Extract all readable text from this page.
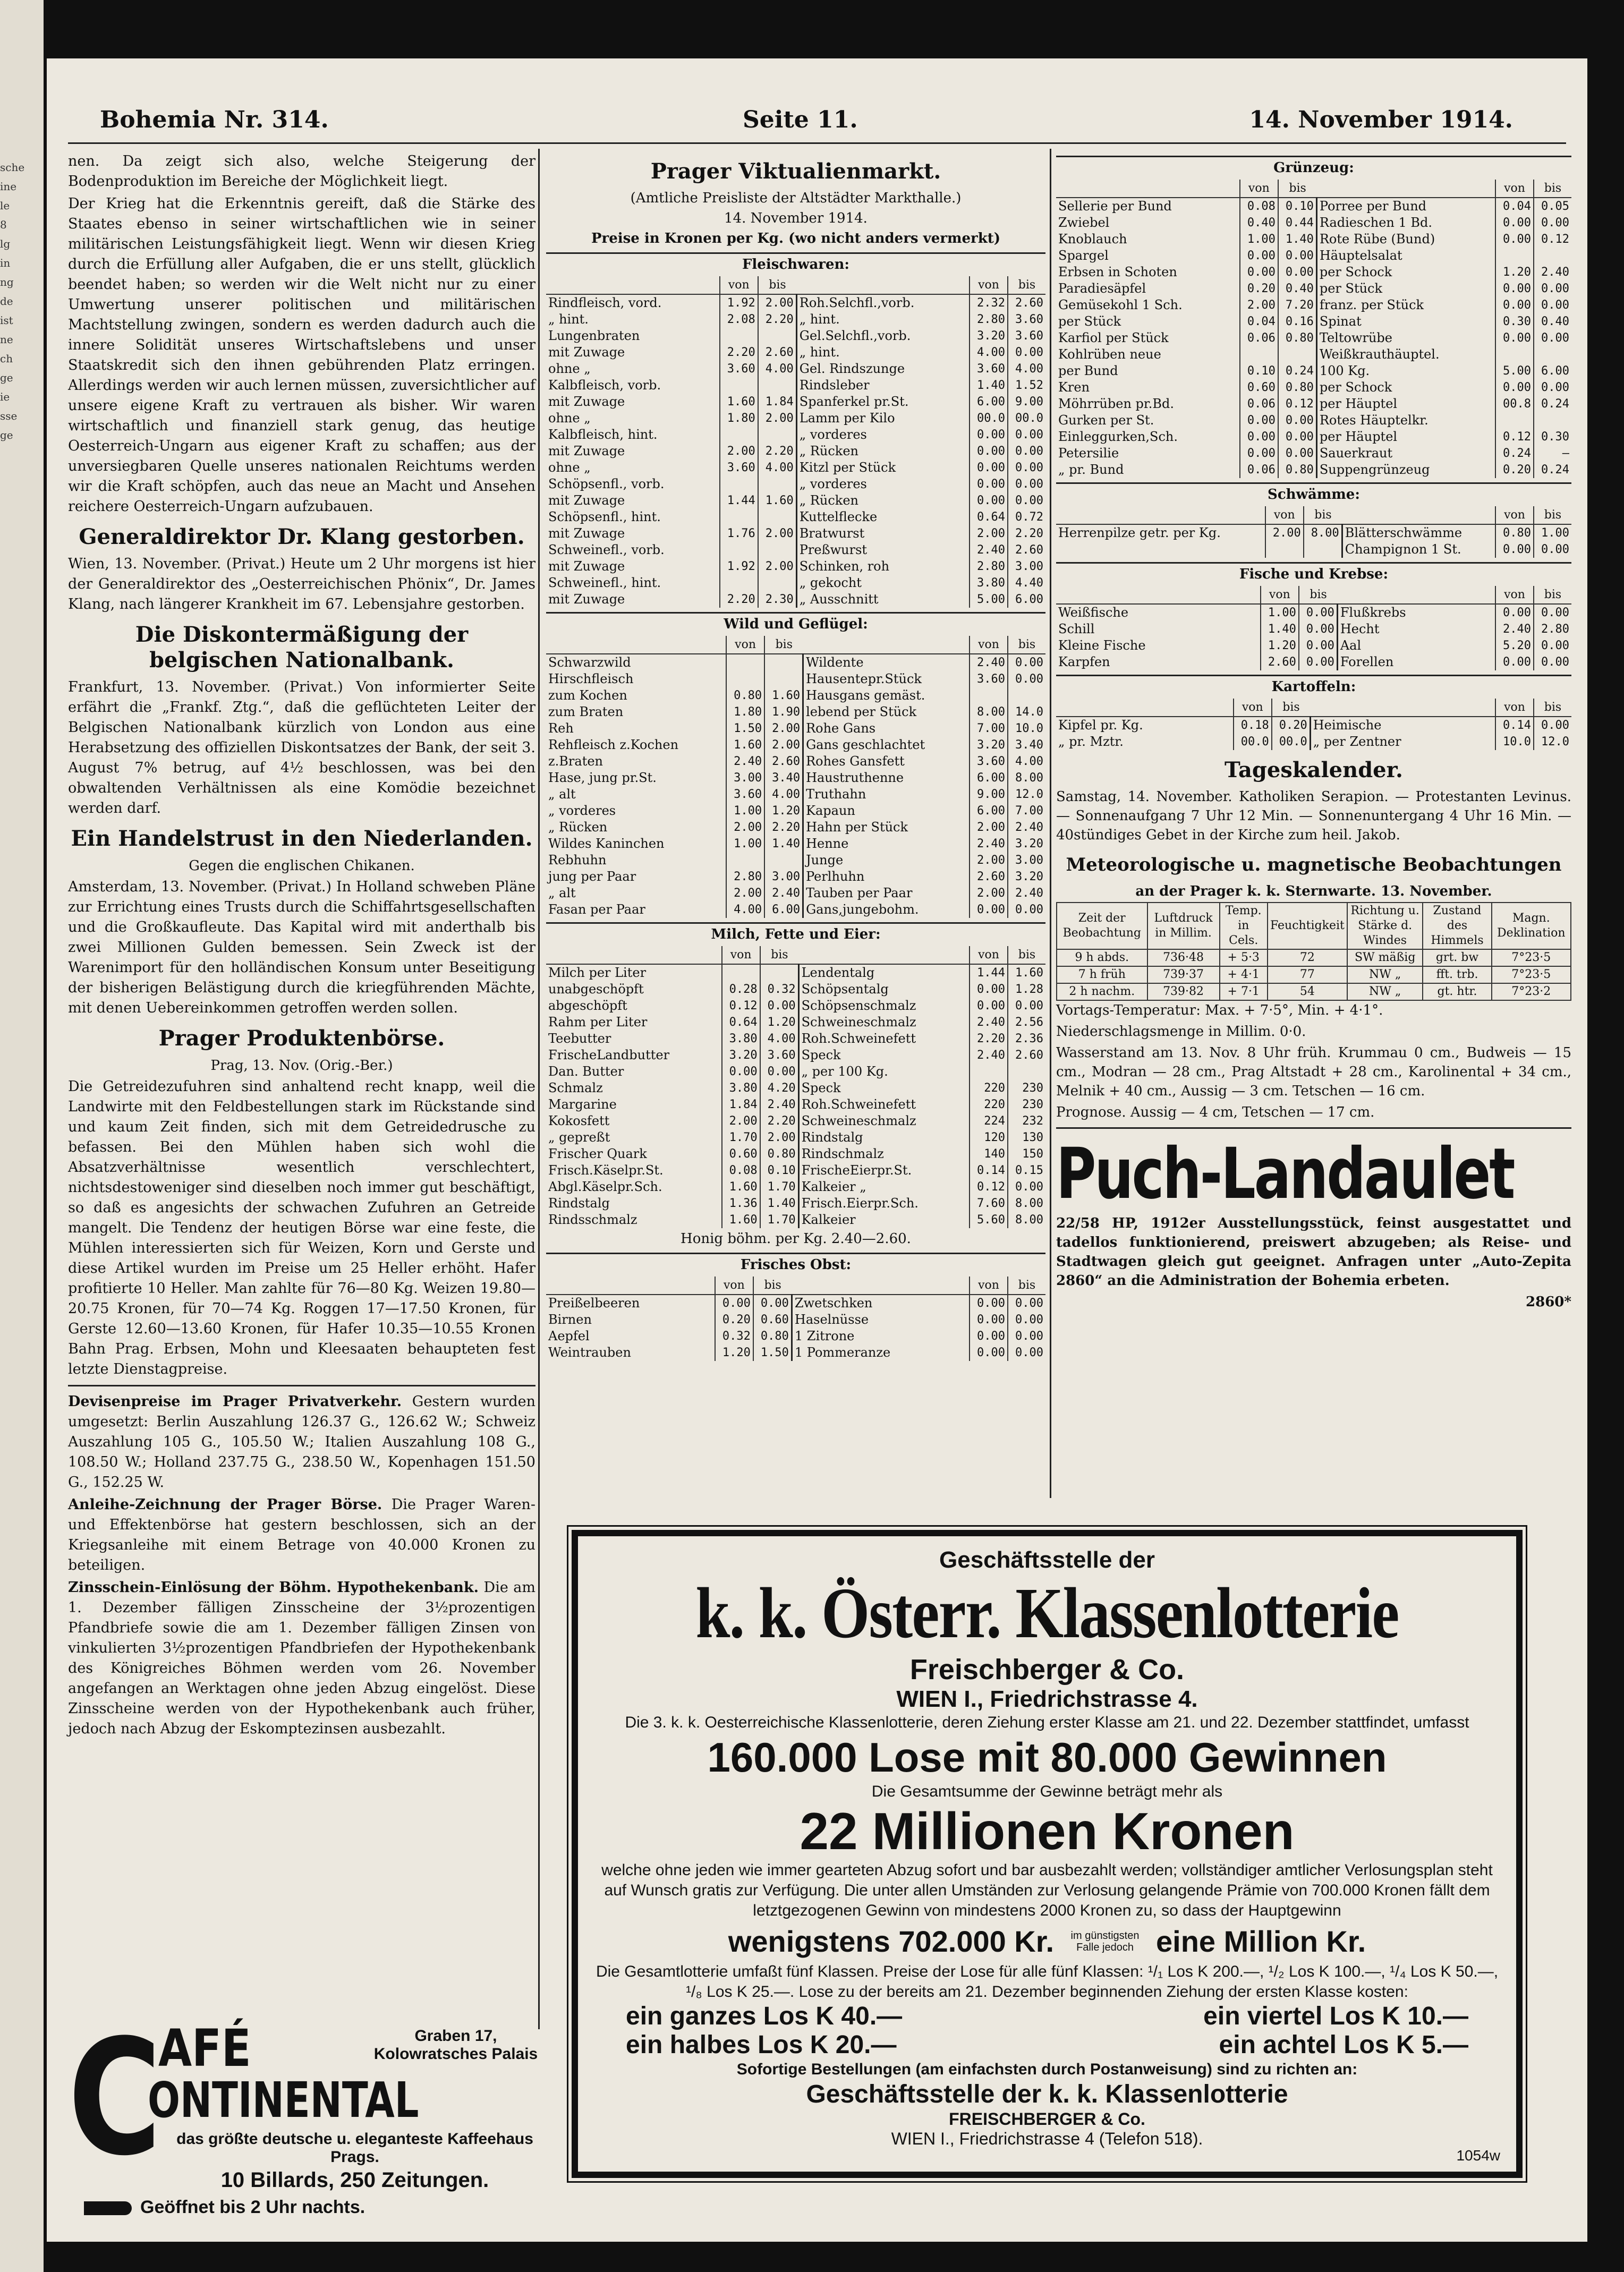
sche
ine
le
8
lg
in
ng
de
ist
ne
ch
ge
ie
sse
ge
Bohemia Nr. 314.	Seite 11.	14. November 1914.

nen. Da zeigt sich also, welche Steigerung der Bodenproduktion im Bereiche der Möglichkeit liegt.

Der Krieg hat die Erkenntnis gereift, daß die Stärke des Staates ebenso in seiner wirtschaftlichen wie in seiner militärischen Leistungsfähigkeit liegt. Wenn wir diesen Krieg durch die Erfüllung aller Aufgaben, die er uns stellt, glücklich beendet haben; so werden wir die Welt nicht nur zu einer Umwertung unserer politischen und militärischen Machtstellung zwingen, sondern es werden dadurch auch die innere Solidität unseres Wirtschaftslebens und unser Staatskredit sich den ihnen gebührenden Platz erringen. Allerdings werden wir auch lernen müssen, zuversichtlicher auf unsere eigene Kraft zu vertrauen als bisher. Wir waren wirtschaftlich und finanziell stark genug, das heutige Oesterreich-Ungarn aus eigener Kraft zu schaffen; aus der unversiegbaren Quelle unseres nationalen Reichtums werden wir die Kraft schöpfen, auch das neue an Macht und Ansehen reichere Oesterreich-Ungarn aufzubauen.

Generaldirektor Dr. Klang gestorben.

Wien, 13. November. (Privat.) Heute um 2 Uhr morgens ist hier der Generaldirektor des „Oesterreichischen Phönix“, Dr. James Klang, nach längerer Krankheit im 67. Lebensjahre gestorben.

Die Diskontermäßigung der belgischen Nationalbank.

Frankfurt, 13. November. (Privat.) Von informierter Seite erfährt die „Frankf. Ztg.“, daß die geflüchteten Leiter der Belgischen Nationalbank kürzlich von London aus eine Herabsetzung des offiziellen Diskontsatzes der Bank, der seit 3. August 7% betrug, auf 4½ beschlossen, was bei den obwaltenden Verhältnissen als eine Komödie bezeichnet werden darf.

Ein Handelstrust in den Niederlanden.
Gegen die englischen Chikanen.

Amsterdam, 13. November. (Privat.) In Holland schweben Pläne zur Errichtung eines Trusts durch die Schiffahrtsgesellschaften und die Großkaufleute. Das Kapital wird mit anderthalb bis zwei Millionen Gulden bemessen. Sein Zweck ist der Warenimport für den holländischen Konsum unter Beseitigung der bisherigen Belästigung durch die kriegführenden Mächte, mit denen Uebereinkommen getroffen werden sollen.

Prager Produktenbörse.
Prag, 13. Nov. (Orig.-Ber.)

Die Getreidezufuhren sind anhaltend recht knapp, weil die Landwirte mit den Feldbestellungen stark im Rückstande sind und kaum Zeit finden, sich mit dem Getreidedrusche zu befassen. Bei den Mühlen haben sich wohl die Absatzverhältnisse wesentlich verschlechtert, nichtsdestoweniger sind dieselben noch immer gut beschäftigt, so daß es angesichts der schwachen Zufuhren an Getreide mangelt. Die Tendenz der heutigen Börse war eine feste, die Mühlen interessierten sich für Weizen, Korn und Gerste und diese Artikel wurden im Preise um 25 Heller erhöht. Hafer profitierte 10 Heller. Man zahlte für 76—80 Kg. Weizen 19.80—20.75 Kronen, für 70—74 Kg. Roggen 17—17.50 Kronen, für Gerste 12.60—13.60 Kronen, für Hafer 10.35—10.55 Kronen Bahn Prag. Erbsen, Mohn und Kleesaaten behaupteten fest letzte Dienstagpreise.

Devisenpreise im Prager Privatverkehr. Gestern wurden umgesetzt: Berlin Auszahlung 126.37 G., 126.62 W.; Schweiz Auszahlung 105 G., 105.50 W.; Italien Auszahlung 108 G., 108.50 W.; Holland 237.75 G., 238.50 W., Kopenhagen 151.50 G., 152.25 W.

Anleihe-Zeichnung der Prager Börse. Die Prager Waren- und Effektenbörse hat gestern beschlossen, sich an der Kriegsanleihe mit einem Betrage von 40.000 Kronen zu beteiligen.

Zinsschein-Einlösung der Böhm. Hypothekenbank. Die am 1. Dezember fälligen Zinsscheine der 3½prozentigen Pfandbriefe sowie die am 1. Dezember fälligen Zinsen von vinkulierten 3½prozentigen Pfandbriefen der Hypothekenbank des Königreiches Böhmen werden vom 26. November angefangen an Werktagen ohne jeden Abzug eingelöst. Diese Zinsscheine werden von der Hypothekenbank auch früher, jedoch nach Abzug der Eskomptezinsen ausbezahlt.

Prager Viktualienmarkt.
(Amtliche Preisliste der Altstädter Markthalle.)
14. November 1914.
Preise in Kronen per Kg. (wo nicht anders vermerkt)
Fleischwaren:
	von	bis		von	bis
Rindfleisch, vord.	1.92	2.00	Roh.Selchfl.,vorb.	2.32	2.60
„ hint.	2.08	2.20	„ hint.	2.80	3.60
Lungenbraten			Gel.Selchfl.,vorb.	3.20	3.60
mit Zuwage	2.20	2.60	„ hint.	4.00	0.00
ohne „	3.60	4.00	Gel. Rindszunge	3.60	4.00
Kalbfleisch, vorb.			Rindsleber	1.40	1.52
mit Zuwage	1.60	1.84	Spanferkel pr.St.	6.00	9.00
ohne „	1.80	2.00	Lamm per Kilo	00.0	00.0
Kalbfleisch, hint.			„ vorderes	0.00	0.00
mit Zuwage	2.00	2.20	„ Rücken	0.00	0.00
ohne „	3.60	4.00	Kitzl per Stück	0.00	0.00
Schöpsenfl., vorb.			„ vorderes	0.00	0.00
mit Zuwage	1.44	1.60	„ Rücken	0.00	0.00
Schöpsenfl., hint.			Kuttelflecke	0.64	0.72
mit Zuwage	1.76	2.00	Bratwurst	2.00	2.20
Schweinefl., vorb.			Preßwurst	2.40	2.60
mit Zuwage	1.92	2.00	Schinken, roh	2.80	3.00
Schweinefl., hint.			„ gekocht	3.80	4.40
mit Zuwage	2.20	2.30	„ Ausschnitt	5.00	6.00
Wild und Geflügel:
	von	bis		von	bis
Schwarzwild			Wildente	2.40	0.00
Hirschfleisch			Hausentepr.Stück	3.60	0.00
zum Kochen	0.80	1.60	Hausgans gemäst.		
zum Braten	1.80	1.90	lebend per Stück	8.00	14.0
Reh	1.50	2.00	Rohe Gans	7.00	10.0
Rehfleisch z.Kochen	1.60	2.00	Gans geschlachtet	3.20	3.40
z.Braten	2.40	2.60	Rohes Gansfett	3.60	4.00
Hase, jung pr.St.	3.00	3.40	Haustruthenne	6.00	8.00
„ alt	3.60	4.00	Truthahn	9.00	12.0
„ vorderes	1.00	1.20	Kapaun	6.00	7.00
„ Rücken	2.00	2.20	Hahn per Stück	2.00	2.40
Wildes Kaninchen	1.00	1.40	Henne	2.40	3.20
Rebhuhn			Junge	2.00	3.00
jung per Paar	2.80	3.00	Perlhuhn	2.60	3.20
„ alt	2.00	2.40	Tauben per Paar	2.00	2.40
Fasan per Paar	4.00	6.00	Gans,jungebohm.	0.00	0.00
Milch, Fette und Eier:
	von	bis		von	bis
Milch per Liter			Lendentalg	1.44	1.60
unabgeschöpft	0.28	0.32	Schöpsentalg	0.00	1.28
abgeschöpft	0.12	0.00	Schöpsenschmalz	0.00	0.00
Rahm per Liter	0.64	1.20	Schweineschmalz	2.40	2.56
Teebutter	3.80	4.00	Roh.Schweinefett	2.20	2.36
FrischeLandbutter	3.20	3.60	Speck	2.40	2.60
Dan. Butter	0.00	0.00	„ per 100 Kg.		
Schmalz	3.80	4.20	Speck	220	230
Margarine	1.84	2.40	Roh.Schweinefett	220	230
Kokosfett	2.00	2.20	Schweineschmalz	224	232
„ gepreßt	1.70	2.00	Rindstalg	120	130
Frischer Quark	0.60	0.80	Rindschmalz	140	150
Frisch.Käselpr.St.	0.08	0.10	FrischeEierpr.St.	0.14	0.15
Abgl.Käselpr.Sch.	1.60	1.70	Kalkeier „	0.12	0.00
Rindstalg	1.36	1.40	Frisch.Eierpr.Sch.	7.60	8.00
Rindsschmalz	1.60	1.70	Kalkeier	5.60	8.00
Honig böhm. per Kg. 2.40—2.60.
Frisches Obst:
	von	bis		von	bis
Preißelbeeren	0.00	0.00	Zwetschken	0.00	0.00
Birnen	0.20	0.60	Haselnüsse	0.00	0.00
Aepfel	0.32	0.80	1 Zitrone	0.00	0.00
Weintrauben	1.20	1.50	1 Pommeranze	0.00	0.00
Grünzeug:
	von	bis		von	bis
Sellerie per Bund	0.08	0.10	Porree per Bund	0.04	0.05
Zwiebel	0.40	0.44	Radieschen 1 Bd.	0.00	0.00
Knoblauch	1.00	1.40	Rote Rübe (Bund)	0.00	0.12
Spargel	0.00	0.00	Häuptelsalat		
Erbsen in Schoten	0.00	0.00	per Schock	1.20	2.40
Paradiesäpfel	0.20	0.40	per Stück	0.00	0.00
Gemüsekohl 1 Sch.	2.00	7.20	franz. per Stück	0.00	0.00
per Stück	0.04	0.16	Spinat	0.30	0.40
Karfiol per Stück	0.06	0.80	Teltowrübe	0.00	0.00
Kohlrüben neue			Weißkrauthäuptel.		
per Bund	0.10	0.24	100 Kg.	5.00	6.00
Kren	0.60	0.80	per Schock	0.00	0.00
Möhrrüben pr.Bd.	0.06	0.12	per Häuptel	00.8	0.24
Gurken per St.	0.00	0.00	Rotes Häuptelkr.		
Einleggurken,Sch.	0.00	0.00	per Häuptel	0.12	0.30
Petersilie	0.00	0.00	Sauerkraut	0.24	—
„ pr. Bund	0.06	0.80	Suppengrünzeug	0.20	0.24
Schwämme:
	von	bis		von	bis
Herrenpilze getr. per Kg.	2.00	8.00	Blätterschwämme	0.80	1.00
			Champignon 1 St.	0.00	0.00
Fische und Krebse:
	von	bis		von	bis
Weißfische	1.00	0.00	Flußkrebs	0.00	0.00
Schill	1.40	0.00	Hecht	2.40	2.80
Kleine Fische	1.20	0.00	Aal	5.20	0.00
Karpfen	2.60	0.00	Forellen	0.00	0.00
Kartoffeln:
	von	bis		von	bis
Kipfel pr. Kg.	0.18	0.20	Heimische	0.14	0.00
„ pr. Mztr.	00.0	00.0	„ per Zentner	10.0	12.0
Tageskalender.

Samstag, 14. November. Katholiken Serapion. — Protestanten Levinus. — Sonnenaufgang 7 Uhr 12 Min. — Sonnenuntergang 4 Uhr 16 Min. — 40stündiges Gebet in der Kirche zum heil. Jakob.

Meteorologische u. magnetische Beobachtungen
an der Prager k. k. Sternwarte. 13. November.
Zeit der Beobachtung	Luftdruck in Millim.	Temp. in Cels.	Feuchtigkeit	Richtung u. Stärke d. Windes	Zustand des Himmels	Magn. Deklination
9 h abds.	736·48	+ 5·3	72	SW mäßig	grt. bw	7°23·5
7 h früh	739·37	+ 4·1	77	NW „	fft. trb.	7°23·5
2 h nachm.	739·82	+ 7·1	54	NW „	gt. htr.	7°23·2

Vortags-Temperatur: Max. + 7·5°, Min. + 4·1°.

Niederschlagsmenge in Millim. 0·0.

Wasserstand am 13. Nov. 8 Uhr früh. Krummau 0 cm., Budweis — 15 cm., Modran — 28 cm., Prag Altstadt + 28 cm., Karolinental + 34 cm., Melnik + 40 cm., Aussig — 3 cm. Tetschen — 16 cm.

Prognose. Aussig — 4 cm, Tetschen — 17 cm.

Puch-Landaulet

22/58 HP, 1912er Ausstellungsstück, feinst ausgestattet und tadellos funktionierend, preiswert abzugeben; als Reise- und Stadtwagen gleich gut geeignet. Anfragen unter „Auto-Zepita 2860“ an die Administration der Bohemia erbeten.

2860*
Geschäftsstelle der
k. k. Österr. Klassenlotterie
Freischberger & Co.
WIEN I., Friedrichstrasse 4.
Die 3. k. k. Oesterreichische Klassenlotterie, deren Ziehung erster Klasse am 21. und 22. Dezember stattfindet, umfasst
160.000 Lose mit 80.000 Gewinnen
Die Gesamtsumme der Gewinne beträgt mehr als
22 Millionen Kronen
welche ohne jeden wie immer gearteten Abzug sofort und bar ausbezahlt werden; vollständiger amtlicher Verlosungsplan steht auf Wunsch gratis zur Verfügung. Die unter allen Umständen zur Verlosung gelangende Prämie von 700.000 Kronen fällt dem letztgezogenen Gewinn von mindestens 2000 Kronen zu, so dass der Hauptgewinn
wenigstens 702.000 Kr.	im günstigsten Falle jedoch eine Million Kr.
Die Gesamtlotterie umfaßt fünf Klassen. Preise der Lose für alle fünf Klassen: ¹/₁ Los K 200.—, ¹/₂ Los K 100.—, ¹/₄ Los K 50.—, ¹/₈ Los K 25.—. Lose zu der bereits am 21. Dezember beginnenden Ziehung der ersten Klasse kosten:
ein ganzes Los K 40.—	ein viertel Los K 10.—
ein halbes Los K 20.—	ein achtel Los K 5.—
Sofortige Bestellungen (am einfachsten durch Postanweisung) sind zu richten an:
Geschäftsstelle der k. k. Klassenlotterie
FREISCHBERGER & Co.
WIEN I., Friedrichstrasse 4 (Telefon 518).
1054w
C
AFÉ
ONTINENTAL
Graben 17, Kolowratsches Palais
das größte deutsche u. eleganteste Kaffeehaus Prags.
10 Billards, 250 Zeitungen.
Geöffnet bis 2 Uhr nachts.
